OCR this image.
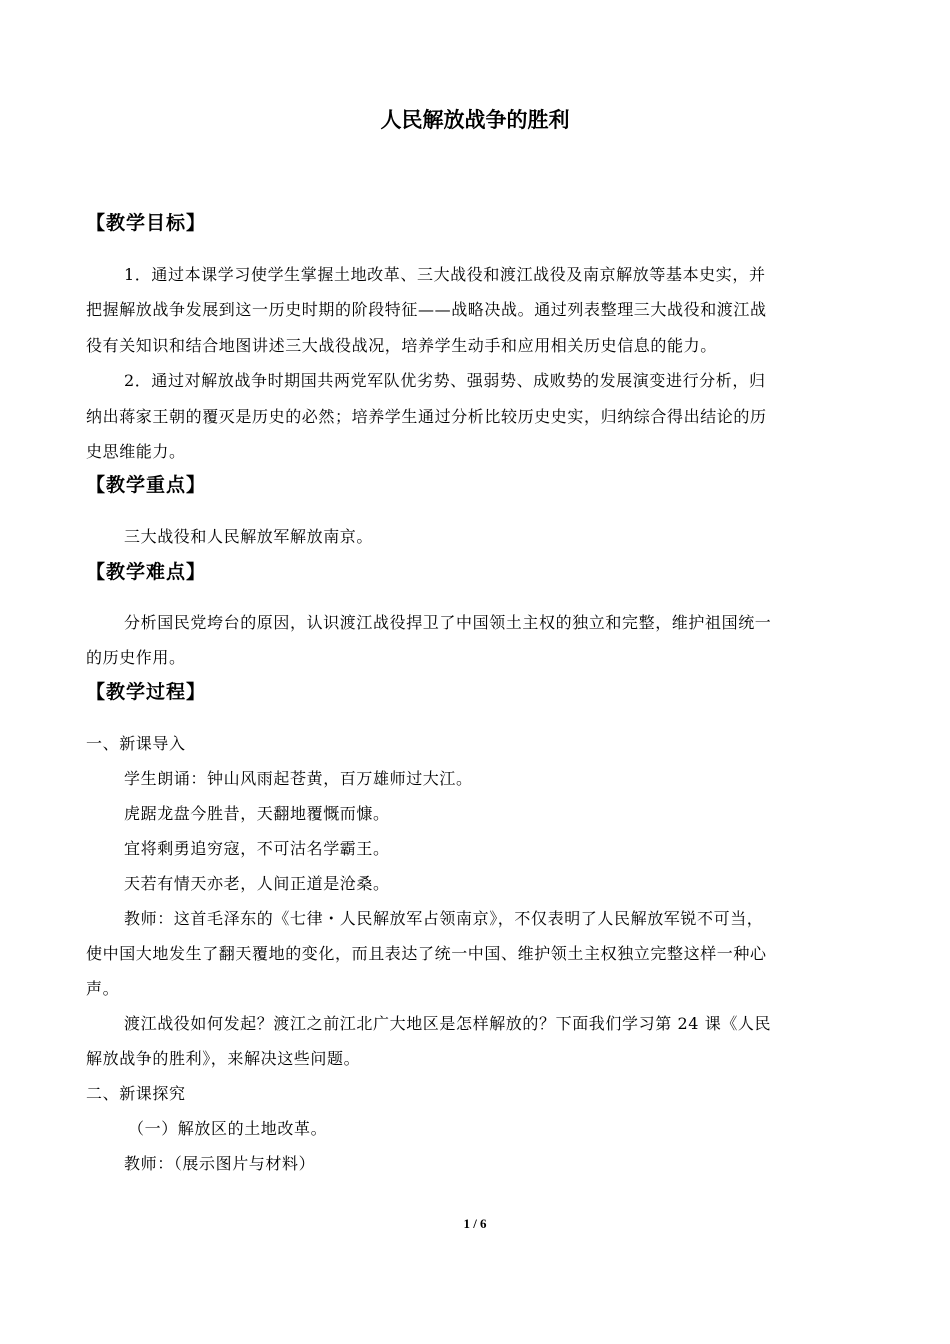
人民解放战争的胜利
【教学目标】
1．通过本课学习使学生掌握土地改革、三大战役和渡江战役及南京解放等基本史实，并
把握解放战争发展到这一历史时期的阶段特征——战略决战。通过列表整理三大战役和渡江战
役有关知识和结合地图讲述三大战役战况，培养学生动手和应用相关历史信息的能力。
2．通过对解放战争时期国共两党军队优劣势、强弱势、成败势的发展演变进行分析，归
纳出蒋家王朝的覆灭是历史的必然；培养学生通过分析比较历史史实，归纳综合得出结论的历
史思维能力。
【教学重点】
三大战役和人民解放军解放南京。
【教学难点】
分析国民党垮台的原因，认识渡江战役捍卫了中国领土主权的独立和完整，维护祖国统一
的历史作用。
【教学过程】
一、新课导入
学生朗诵：钟山风雨起苍黄，百万雄师过大江。
虎踞龙盘今胜昔，天翻地覆慨而慷。
宜将剩勇追穷寇，不可沽名学霸王。
天若有情天亦老，人间正道是沧桑。
教师：这首毛泽东的《七律・人民解放军占领南京》，不仅表明了人民解放军锐不可当，
使中国大地发生了翻天覆地的变化，而且表达了统一中国、维护领土主权独立完整这样一种心
声。
渡江战役如何发起？渡江之前江北广大地区是怎样解放的？下面我们学习第 24 课《人民
解放战争的胜利》，来解决这些问题。
二、新课探究
（一）解放区的土地改革。
教师：（展示图片与材料）
1 / 6
